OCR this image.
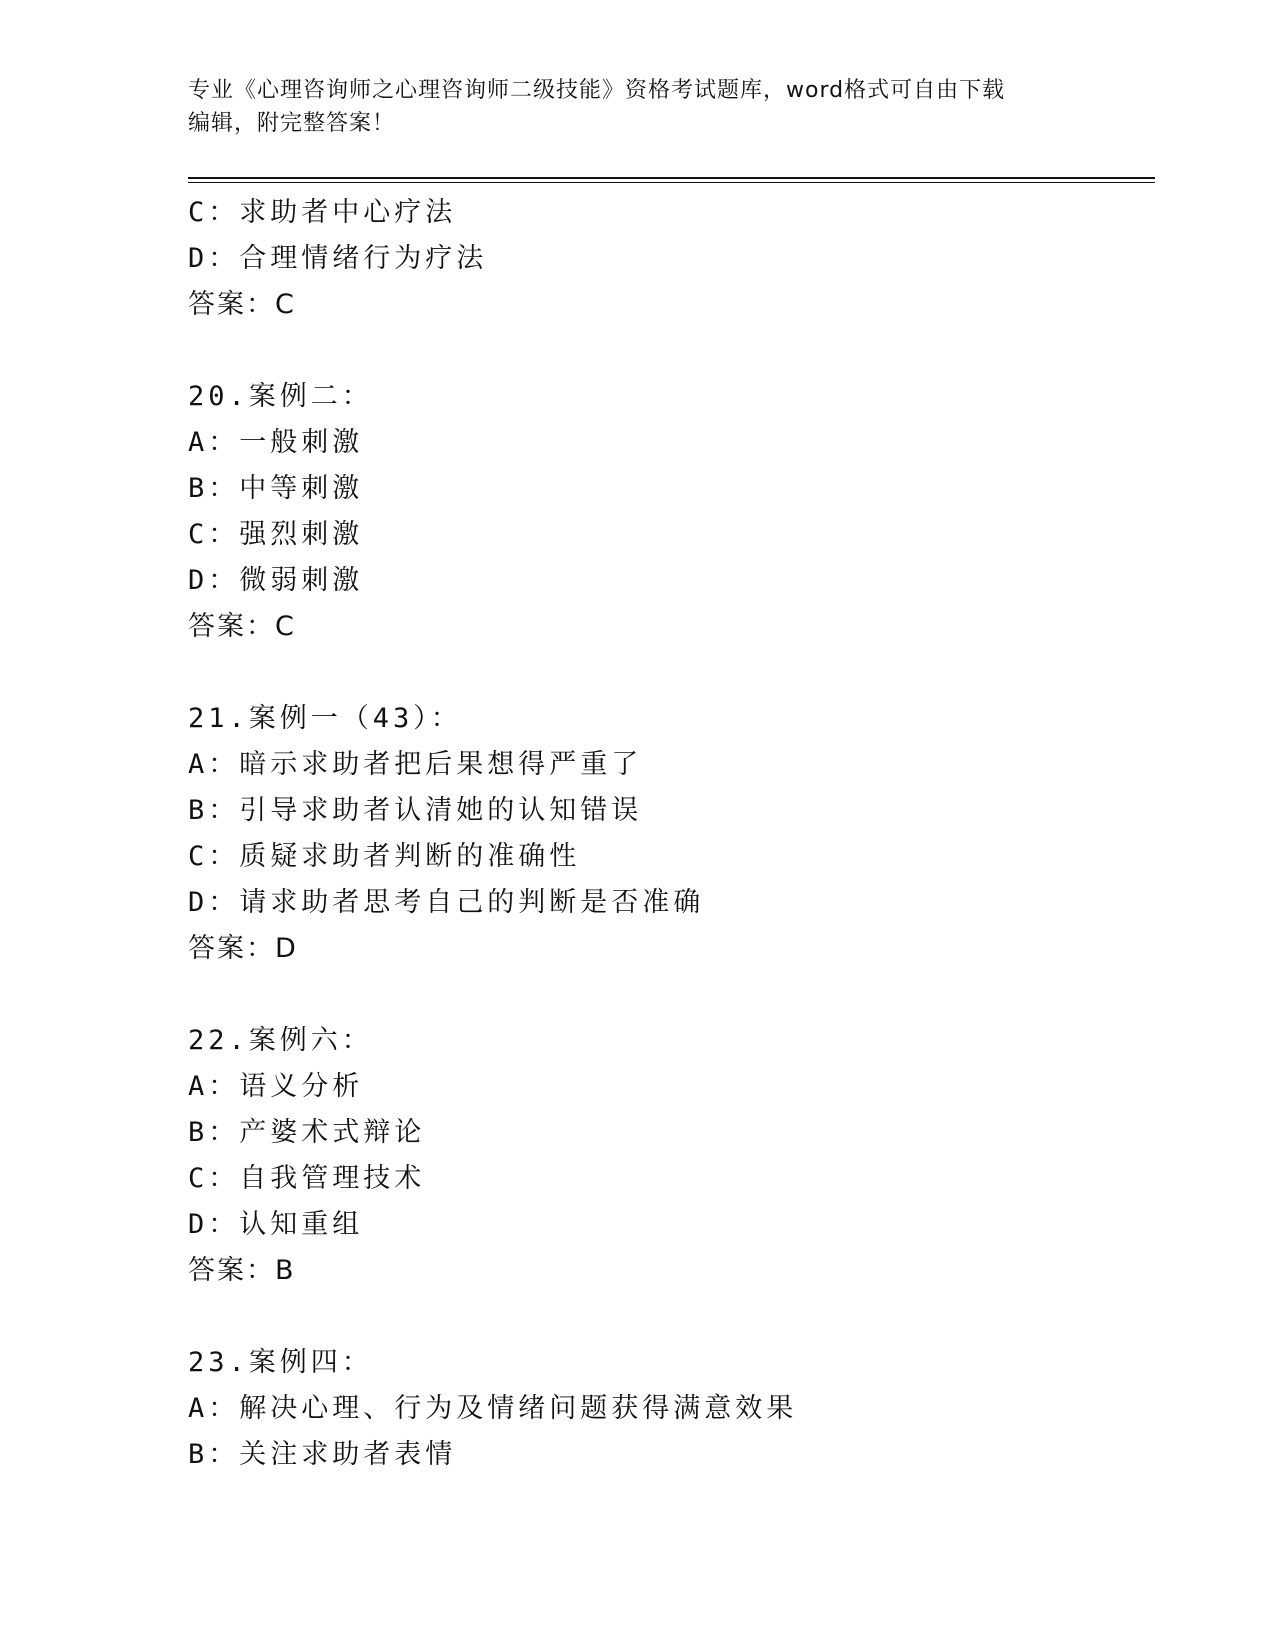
专业《心理咨询师之心理咨询师二级技能》资格考试题库，word格式可自由下载
编辑，附完整答案！
C：求助者中心疗法
D：合理情绪行为疗法
答案：C
20.案例二：
A：一般刺激
B：中等刺激
C：强烈刺激
D：微弱刺激
答案：C
21.案例一（43）：
A：暗示求助者把后果想得严重了
B：引导求助者认清她的认知错误
C：质疑求助者判断的准确性
D：请求助者思考自己的判断是否准确
答案：D
22.案例六：
A：语义分析
B：产婆术式辩论
C：自我管理技术
D：认知重组
答案：B
23.案例四：
A：解决心理、行为及情绪问题获得满意效果
B：关注求助者表情
